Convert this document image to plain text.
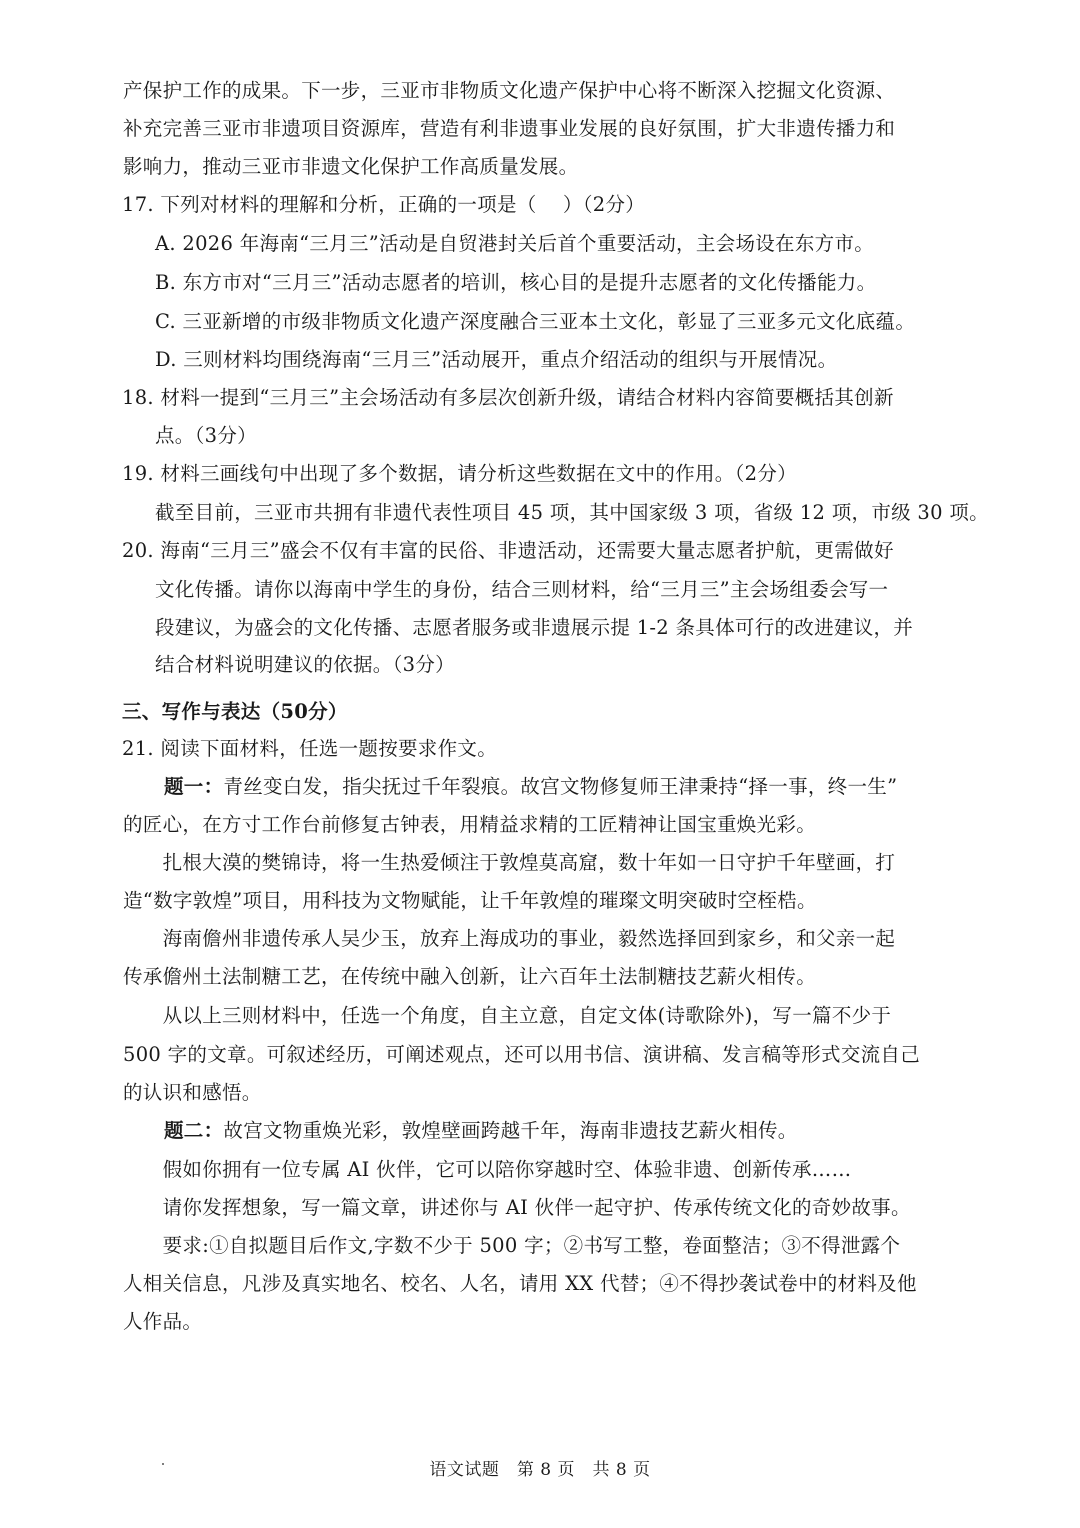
产保护工作的成果。下一步，三亚市非物质文化遗产保护中心将不断深入挖掘文化资源、
补充完善三亚市非遗项目资源库，营造有利非遗事业发展的良好氛围，扩大非遗传播力和
影响力，推动三亚市非遗文化保护工作高质量发展。
17. 下列对材料的理解和分析，正确的一项是（　 ）（2分）
A. 2026 年海南“三月三”活动是自贸港封关后首个重要活动，主会场设在东方市。
B. 东方市对“三月三”活动志愿者的培训，核心目的是提升志愿者的文化传播能力。
C. 三亚新增的市级非物质文化遗产深度融合三亚本土文化，彰显了三亚多元文化底蕴。
D. 三则材料均围绕海南“三月三”活动展开，重点介绍活动的组织与开展情况。
18. 材料一提到“三月三”主会场活动有多层次创新升级，请结合材料内容简要概括其创新
点。（3分）
19. 材料三画线句中出现了多个数据，请分析这些数据在文中的作用。（2分）
截至目前，三亚市共拥有非遗代表性项目 45 项，其中国家级 3 项，省级 12 项，市级 30 项。
20. 海南“三月三”盛会不仅有丰富的民俗、非遗活动，还需要大量志愿者护航，更需做好
文化传播。请你以海南中学生的身份，结合三则材料，给“三月三”主会场组委会写一
段建议，为盛会的文化传播、志愿者服务或非遗展示提 1-2 条具体可行的改进建议，并
结合材料说明建议的依据。（3分）
三、写作与表达（50分）
21. 阅读下面材料，任选一题按要求作文。
题一：青丝变白发，指尖抚过千年裂痕。故宫文物修复师王津秉持“择一事，终一生”
的匠心，在方寸工作台前修复古钟表，用精益求精的工匠精神让国宝重焕光彩。
　　扎根大漠的樊锦诗，将一生热爱倾注于敦煌莫高窟，数十年如一日守护千年壁画，打
造“数字敦煌”项目，用科技为文物赋能，让千年敦煌的璀璨文明突破时空桎梏。
　　海南儋州非遗传承人吴少玉，放弃上海成功的事业，毅然选择回到家乡，和父亲一起
传承儋州土法制糖工艺，在传统中融入创新，让六百年土法制糖技艺薪火相传。
　　从以上三则材料中，任选一个角度，自主立意，自定文体(诗歌除外)，写一篇不少于
500 字的文章。可叙述经历，可阐述观点，还可以用书信、演讲稿、发言稿等形式交流自己
的认识和感悟。
题二：故宫文物重焕光彩，敦煌壁画跨越千年，海南非遗技艺薪火相传。
　　假如你拥有一位专属 AI 伙伴，它可以陪你穿越时空、体验非遗、创新传承……
　　请你发挥想象，写一篇文章，讲述你与 AI 伙伴一起守护、传承传统文化的奇妙故事。
　　要求:①自拟题目后作文,字数不少于 500 字；②书写工整，卷面整洁；③不得泄露个
人相关信息，凡涉及真实地名、校名、人名，请用 XX 代替；④不得抄袭试卷中的材料及他
人作品。
语文试题　第 8 页　共 8 页
